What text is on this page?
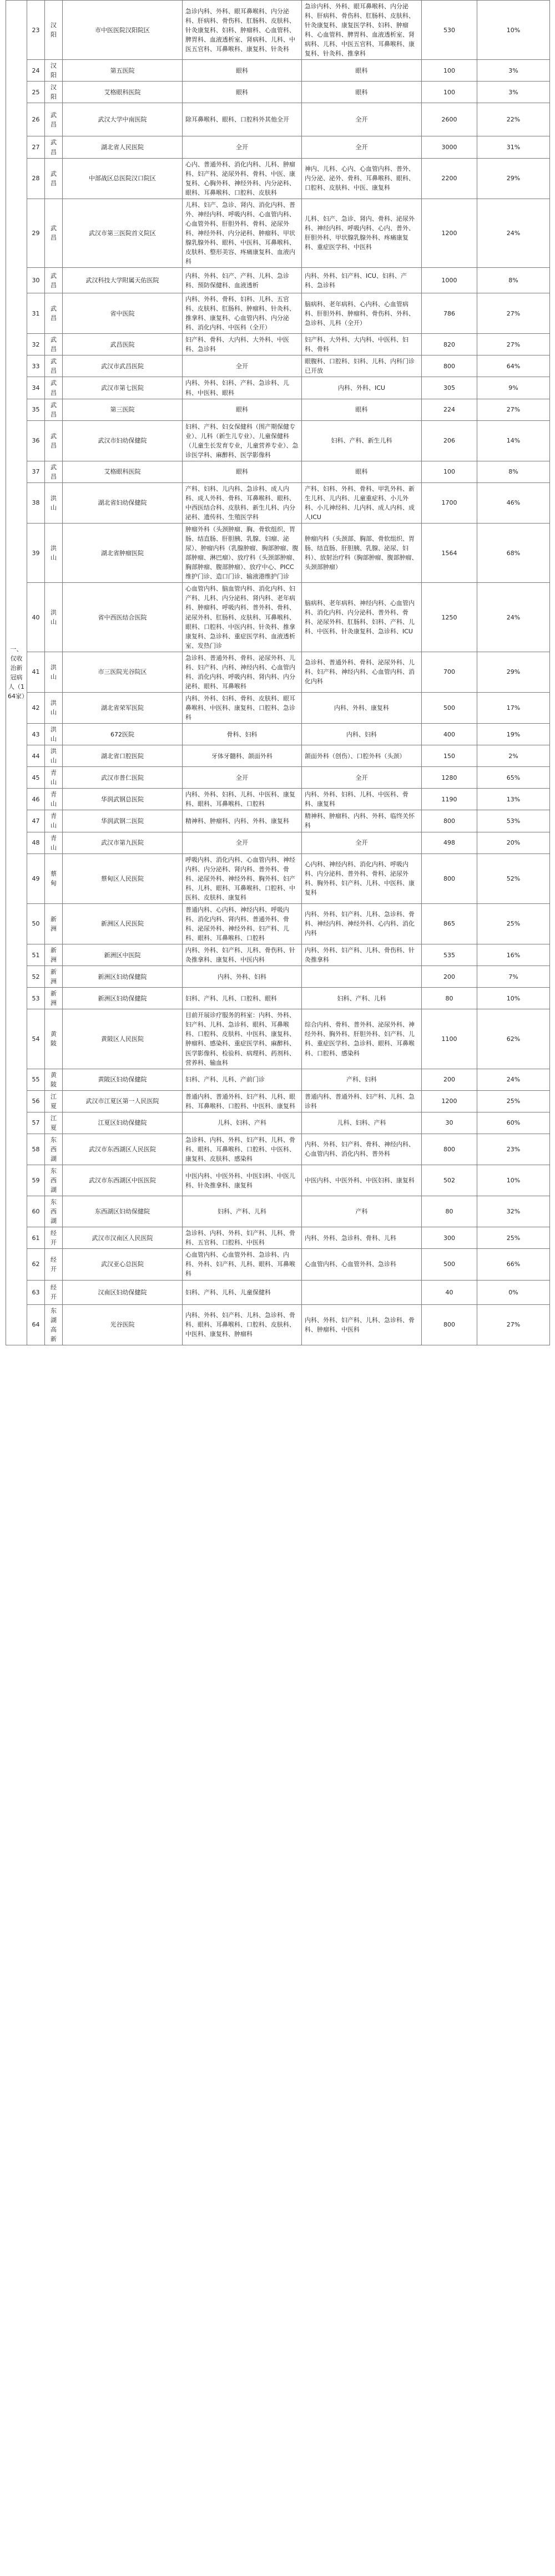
一、仅收治新冠病人（164家）	23	汉阳	市中医医院汉阳院区	急诊内科、外科、眼耳鼻喉科、内分泌科、肝病科、骨伤科、肛肠科、皮肤科、针灸康复科、妇科、肿瘤科、心血管科、脾胃科、血液透析室、肾病科、儿科、中医五官科、耳鼻喉科、康复科、针灸科	急诊内科、外科、眼耳鼻喉科、内分泌科、肝病科、骨伤科、肛肠科、皮肤科、针灸康复科、康复医学科、妇科、肿瘤科、心血管科、脾胃科、血液透析室、肾病科、儿科、中医五官科、耳鼻喉科、康复科、针灸科、推拿科	530	10%
	24	汉阳	第五医院	眼科	眼科	100	3%
	25	汉阳	艾格眼科医院	眼科	眼科	100	3%
	26	武昌	武汉大学中南医院	除耳鼻喉科、眼科、口腔科外其他全开	全开	2600	22%
	27	武昌	湖北省人民医院	全开	全开	3000	31%
	28	武昌	中部战区总医院汉口院区	心内、普通外科、消化内科、儿科、肿瘤科、妇产科、泌尿外科、骨科、中医、康复科、心胸外科、神经外科、内分泌科、眼科、耳鼻喉科、口腔科、皮肤科	神内、儿科、心内、心血管内科、普外、内分泌、泌外、骨科、耳鼻喉科、眼科、口腔科、皮肤科、中医、康复科	2200	29%
	29	武昌	武汉市第三医院首义院区	儿科、妇产、急诊、肾内、消化内科、普外、神经内科、呼吸内科、心血管内科、心血管外科、肝胆外科、骨科、泌尿外科、神经外科、内分泌科、肿瘤科、甲状腺乳腺外科、眼科、中医科、耳鼻喉科、皮肤科、整形美容、疼痛康复科、血液内科	儿科、妇产、急诊、肾内、骨科、泌尿外科、神经内科、呼吸内科、心内、普外、肝胆外科、甲状腺乳腺外科、疼痛康复科、重症医学科、中医科	1200	24%
	30	武昌	武汉科技大学附属天佑医院	内科、外科、妇产、产科、儿科、急诊科、预防保健科、血液透析	内科、外科、妇产科、ICU、妇科、产科、急诊科	1000	8%
	31	武昌	省中医院	内科、外科、骨科、妇科、儿科、五官科、皮肤科、肛肠科、肿瘤科、针灸科、推拿科、康复科、心血管内科、内分泌科、消化内科、中医科（全开）	脑病科、老年病科、心内科、心血管病科、肝胆外科、肿瘤科、骨伤科、外科、急诊科、儿科（全开）	786	27%
	32	武昌	武昌医院	妇产科、骨科、大内科、大外科、中医科、急诊科	妇产科、大外科、大内科、中医科、妇科、骨科	820	27%
	33	武昌	武汉市武昌医院	全开	眼腹科、口腔科、妇科、儿科、内科门诊已开放	800	64%
	34	武昌	武汉市第七医院	内科、外科、妇科、产科、急诊科、儿科、中医科、眼科	内科、外科、ICU	305	9%
	35	武昌	第三医院	眼科	眼科	224	27%
	36	武昌	武汉市妇幼保健院	妇科、产科、妇女保健科（围产期保健专业）、儿科（新生儿专业）、儿童保健科（儿童生长发育专业，儿童营养专业）、急诊医学科、麻醉科、医学影像科	妇科、产科、新生儿科	206	14%
	37	武昌	艾格眼科医院	眼科	眼科	100	8%
	38	洪山	湖北省妇幼保健院	产科、妇科、儿内科、急诊科、成人内科、成人外科、骨科、耳鼻喉科、眼科、中西医结合科、皮肤科、新生儿科、内分泌科、遗传科、生殖医学科	产科、妇科、外科、骨科、甲乳外科、新生儿科、儿内科、儿童重症科、小儿外科、小儿神经科、儿内科、成人内科、成人ICU	1700	46%
	39	洪山	湖北省肿瘤医院	肿瘤外科（头颈肿瘤、胸、骨软组织、胃肠、结直肠、肝胆胰、乳腺、妇瘤、泌尿）、肿瘤内科（乳腺肿瘤、胸部肿瘤、腹部肿瘤、淋巴瘤）、放疗科（头颈部肿瘤、胸部肿瘤、腹部肿瘤）、放疗中心、PICC维护门诊、造口门诊、输液港维护门诊	肿瘤内科（头颈部、胸部、骨软组织、胃肠、结直肠、肝胆胰、乳腺、泌尿、妇科）、放射治疗科（胸部肿瘤、腹部肿瘤、头颈部肿瘤）	1564	68%
	40	洪山	省中西医结合医院	心血管内科、脑血管内科、消化内科、妇产科、儿科、内分泌科、肾内科、老年病科、肿瘤科、呼吸内科、普外科、骨科、泌尿外科、肛肠科、皮肤科、耳鼻喉科、眼科、口腔科、中医内科、针灸科、推拿康复科、急诊科、重症医学科、血液透析室、发热门诊	脑病科、老年病科、神经内科、心血管内科、消化内科、内分泌科、普外科、骨科、泌尿外科、肛肠科、妇科、产科、儿科、中医科、针灸康复科、急诊科、ICU	1250	24%
	41	洪山	市三医院光谷院区	急诊科、普通外科、骨科、泌尿外科、儿科、妇产科、内科、神经内科、心血管内科、消化内科、呼吸内科、肾内科、内分泌科、眼科、耳鼻喉科	急诊科、普通外科、骨科、泌尿外科、儿科、妇产科、神经内科、心血管内科、消化内科	700	29%
	42	洪山	湖北省荣军医院	内科、外科、妇科、骨科、皮肤科、眼耳鼻喉科、中医科、康复科、口腔科、急诊科	内科、外科、康复科	500	17%
	43	洪山	672医院	骨科、妇科	内科、妇科	400	19%
	44	洪山	湖北省口腔医院	牙体牙髓科、颌面外科	颌面外科（创伤）、口腔外科（头颈）	150	2%
	45	青山	武汉市普仁医院	全开	全开	1280	65%
	46	青山	华润武钢总医院	内科、外科、妇科、儿科、中医科、康复科、眼科、耳鼻喉科、口腔科	内科、外科、妇科、儿科、中医科、骨科、康复科	1190	13%
	47	青山	华润武钢二医院	精神科、肿瘤科、内科、外科、康复科	精神科、肿瘤科、内科、外科、临终关怀科	800	53%
	48	青山	武汉市第九医院	全开	全开	498	20%
	49	蔡甸	蔡甸区人民医院	呼吸内科、消化内科、心血管内科、神经内科、内分泌科、肾内科、普外科、骨科、泌尿外科、神经外科、胸外科、妇产科、儿科、眼科、耳鼻喉科、口腔科、中医科、皮肤科、康复科	心内科、神经内科、消化内科、呼吸内科、内分泌科、普外科、骨科、泌尿外科、胸外科、妇产科、儿科、中医科、康复科	800	52%
	50	新洲	新洲区人民医院	普通内科、心内科、神经内科、呼吸内科、消化内科、肾内科、普通外科、骨科、泌尿外科、神经外科、妇产科、儿科、眼科、耳鼻喉科、口腔科	内科、外科、妇产科、儿科、急诊科、骨科、神经内科、神经外科、心内科、消化内科	865	25%
	51	新洲	新洲区中医院	内科、外科、妇产科、儿科、骨伤科、针灸推拿科、康复科、中医内科	内科、外科、妇产科、儿科、骨伤科、针灸推拿科	535	16%
	52	新洲	新洲区妇幼保健院	内科、外科、妇科		200	7%
	53	新洲	新洲区妇幼保健院	妇科、产科、儿科、口腔科、眼科	妇科、产科、儿科	80	10%
	54	黄陂	黄陂区人民医院	目前开展诊疗服务的科室：内科、外科、妇产科、儿科、急诊科、眼科、耳鼻喉科、口腔科、皮肤科、中医科、康复科、肿瘤科、感染科、重症医学科、麻醉科、医学影像科、检验科、病理科、药剂科、营养科、输血科	综合内科、骨科、普外科、泌尿外科、神经外科、胸外科、肝胆外科、妇产科、儿科、重症医学科、急诊科、眼科、耳鼻喉科、口腔科、感染科	1100	62%
	55	黄陂	黄陂区妇幼保健院	妇科、产科、儿科、产前门诊	产科、妇科	200	24%
	56	江夏	武汉市江夏区第一人民医院	普通内科、普通外科、妇产科、儿科、眼科、耳鼻喉科、口腔科、中医科、康复科	普通内科、普通外科、妇产科、儿科、急诊科	1200	25%
	57	江夏	江夏区妇幼保健院	儿科、妇科、产科	儿科、妇科、产科	30	60%
	58	东西湖	武汉市东西湖区人民医院	急诊科、内科、外科、妇产科、儿科、骨科、眼科、耳鼻喉科、口腔科、中医科、康复科、皮肤科、感染科	内科、外科、妇产科、骨科、神经内科、心血管内科、消化内科、普外科	800	23%
	59	东西湖	武汉市东西湖区中医医院	中医内科、中医外科、中医妇科、中医儿科、针灸推拿科、康复科	中医内科、中医外科、中医妇科、康复科	502	10%
	60	东西湖	东西湖区妇幼保健院	妇科、产科、儿科	产科	80	32%
	61	经开	武汉市汉南区人民医院	急诊科、内科、外科、妇产科、儿科、骨科、五官科、口腔科、中医科	内科、外科、急诊科、骨科、儿科	300	25%
	62	经开	武汉亚心总医院	心血管内科、心血管外科、急诊科、内科、外科、妇产科、儿科、眼科、耳鼻喉科	心血管内科、心血管外科、急诊科	500	66%
	63	经开	汉南区妇幼保健院	妇科、产科、儿科、儿童保健科		40	0%
	64	东湖高新	光谷医院	内科、外科、妇产科、儿科、急诊科、骨科、眼科、耳鼻喉科、口腔科、皮肤科、中医科、康复科、肿瘤科	内科、外科、妇产科、儿科、急诊科、骨科、肿瘤科、中医科	800	27%
